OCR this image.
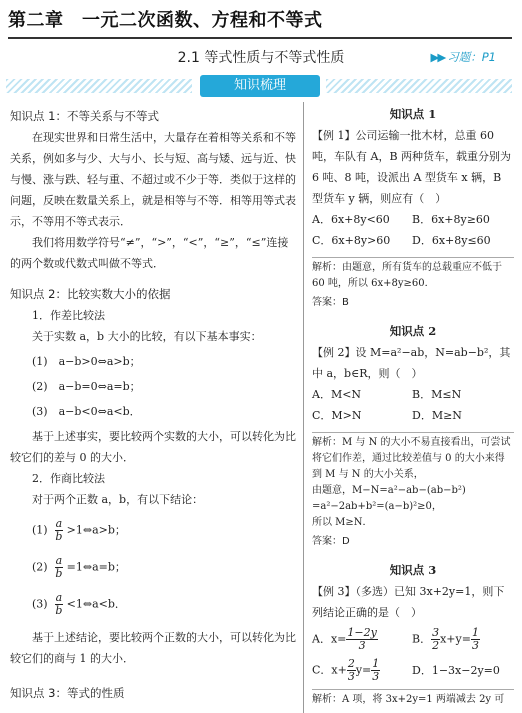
第二章　一元二次函数、方程和不等式
2.1 等式性质与不等式性质	▶▶ 习题：P1
知识梳理
知识点 1：不等关系与不等式

在现实世界和日常生活中，大量存在着相等关系和不等关系，例如多与少、大与小、长与短、高与矮、远与近、快与慢、涨与跌、轻与重、不超过或不少于等．类似于这样的问题，反映在数量关系上，就是相等与不等．相等用等式表示，不等用不等式表示．

我们将用数学符号“≠”，“>”，“<”，“≥”，“≤”连接的两个数或代数式叫做不等式．

知识点 2：比较实数大小的依据
1．作差比较法
关于实数 a，b 大小的比较，有以下基本事实：
(1)　a−b>0⇔a>b；
(2)　a−b=0⇔a=b；
(3)　a−b<0⇔a<b．

基于上述事实，要比较两个实数的大小，可以转化为比较它们的差与 0 的大小．

2．作商比较法
对于两个正数 a，b，有以下结论：
$(1) \frac{a}{b}$ >1⇔a>b；
$(2) \frac{a}{b}$ =1⇔a=b；
$(3) \frac{a}{b}$ <1⇔a<b．

基于上述结论，要比较两个正数的大小，可以转化为比较它们的商与 1 的大小．

知识点 3：等式的性质
知识点 1
【例 1】公司运输一批木材，总重 60 吨，车队有 A，B 两种货车，载重分别为 6 吨、8 吨，设派出 A 型货车 x 辆，B 型货车 y 辆，则应有（　）
A．6x+8y<60 B．6x+8y≥60
C．6x+8y>60 D．6x+8y≤60
解析：由题意，所有货车的总载重应不低于 60 吨，所以 6x+8y≥60．
答案：B
知识点 2
【例 2】设 M=a²−ab，N=ab−b²，其中 a，b∈R，则（　）
A．M<N	B．M≤N
C．M>N	D．M≥N
解析：M 与 N 的大小不易直接看出，可尝试将它们作差，通过比较差值与 0 的大小来得到 M 与 N 的大小关系，
由题意，M−N=a²−ab−(ab−b²)
=a²−2ab+b²=(a−b)²≥0，
所以 M≥N．
答案：D
知识点 3
【例 3】（多选）已知 3x+2y=1，则下列结论正确的是（　）
A．$x= \frac{1-2y}{3}$	B． $\frac{3}{2} x+y= \frac{1}{3}$

C．$x+ \frac{2}{3} y= \frac{1}{3}$	D．1−3x−2y=0
解析：A 项，将 3x+2y=1 两端减去 2y 可
